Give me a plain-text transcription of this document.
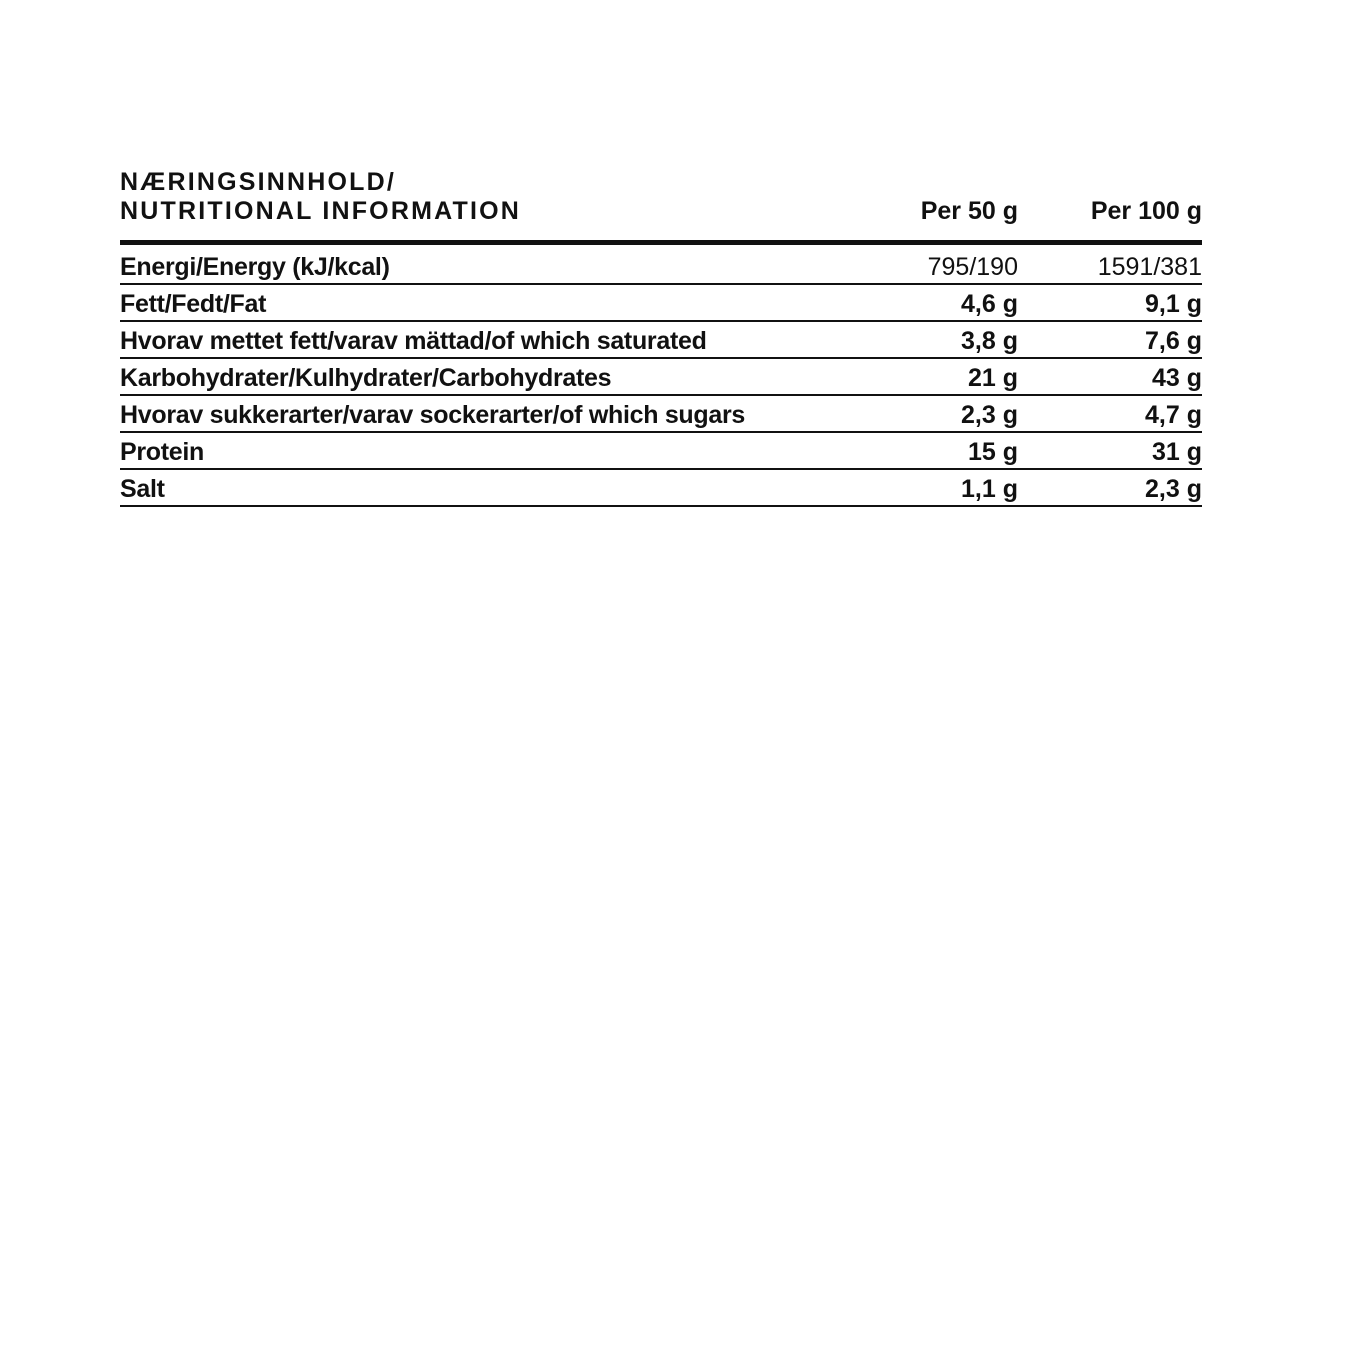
NÆRINGSINNHOLD/
NUTRITIONAL INFORMATION	Per 50 g	Per 100 g
Energi/Energy (kJ/kcal)	795/190	1591/381
Fett/Fedt/Fat	4,6 g	9,1 g
Hvorav mettet fett/varav mättad/of which saturated	3,8 g	7,6 g
Karbohydrater/Kulhydrater/Carbohydrates	21 g	43 g
Hvorav sukkerarter/varav sockerarter/of which sugars	2,3 g	4,7 g
Protein	15 g	31 g
Salt	1,1 g	2,3 g
